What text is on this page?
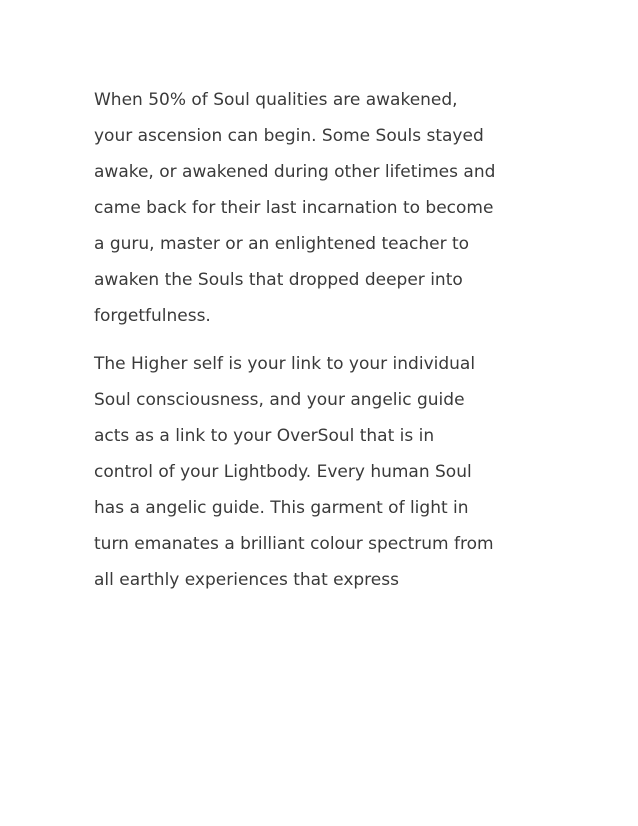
When 50% of Soul qualities are awakened,
your ascension can begin. Some Souls stayed
awake, or awakened during other lifetimes and
came back for their last incarnation to become
a guru, master or an enlightened teacher to
awaken the Souls that dropped deeper into
forgetfulness.

The Higher self is your link to your individual
Soul consciousness, and your angelic guide
acts as a link to your OverSoul that is in
control of your Lightbody. Every human Soul
has a angelic guide. This garment of light in
turn emanates a brilliant colour spectrum from
all earthly experiences that express
